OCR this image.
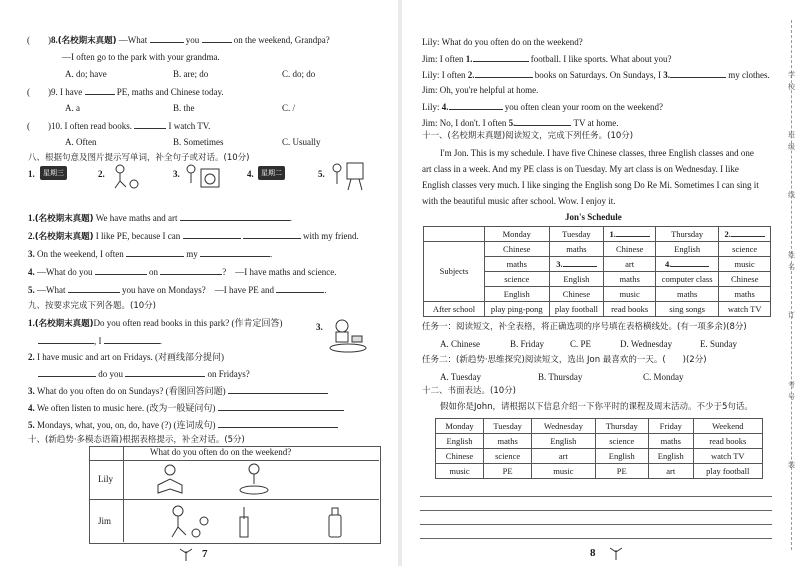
(　　)8.(名校期末真题) —What	you	on the weekend, Grandpa?
—I often go to the park with your grandma.
A. do; have	B. are; do	C. do; do
(　　)9. I have	PE, maths and Chinese today.
A. a	B. the	C. /
(　　)10. I often read books.	I watch TV.
A. Often	B. Sometimes	C. Usually
八、根据句意及图片提示写单词，补全句子或对话。(10分)
1.	星期三	2.	3.	4.	星期二	5.
1.(名校期末真题) We have maths and art	.
2.(名校期末真题) I like PE, because I can	with my friend.
3. On the weekend, I often	my	.
4. —What do you	on	?　 —I have maths and science.
5. —What	you have on Mondays?　 —I have PE and	.
九、按要求完成下列各题。(10分)
1.(名校期末真题)Do you often read books in this park? (作肯定回答)
, I	.
3.
2. I have music and art on Fridays. (对画线部分提问)
do you	on Fridays?
3. What do you often do on Sundays? (看图回答问题)
4. We often listen to music here. (改为一般疑问句)
5. Mondays, what, you, on, do, have (?) (连词成句)
十、(新趋势·多模态语篇)根据表格提示，补全对话。(5分)
What do you often do on the weekend?
Lily
Jim
7
Lily: What do you often do on the weekend?
Jim: I often 1.	football. I like sports. What about you?
Lily: I often 2.	books on Saturdays. On Sundays, I 3.	my clothes.
Jim: Oh, you're helpful at home.
Lily: 4.	you often clean your room on the weekend?
Jim: No, I don't. I often 5.	TV at home.
十一、(名校期末真题)阅读短文，完成下列任务。(10分)
I'm Jon. This is my schedule. I have five Chinese classes, three English classes and one
art class in a week. And my PE class is on Tuesday. My art class is on Wednesday. I like
English classes very much. I like singing the English song Do Re Mi. Sometimes I can sing it
with the beautiful music after school. Wow. I enjoy it.
Jon's Schedule
	Monday	Tuesday	1.	Thursday	2.
Subjects	Chinese	maths	Chinese	English	science
	maths	3.	art	4.	music
	science	English	maths	computer class	Chinese
	English	Chinese	music	maths	maths
After school	play ping-pong	play football	read books	sing songs	watch TV
任务一：阅读短文，补全表格，将正确选项的序号填在表格横线处。(有一项多余)(8分)
A. Chinese	B. Friday	C. PE	D. Wednesday	E. Sunday
任务二：(新趋势·思维探究)阅读短文，选出 Jon 最喜欢的一天。(　　)(2分)
A. Tuesday	B. Thursday	C. Monday
十二、书面表达。(10分)
假如你是John，请根据以下信息介绍一下你平时的课程及周末活动。不少于5句话。
Monday	Tuesday	Wednesday	Thursday	Friday	Weekend
English	maths	English	science	maths	read books
Chinese	science	art	English	English	watch TV
music	PE	music	PE	art	play football
8
学
校
班
级
线
姓
名
订
考
号
装
